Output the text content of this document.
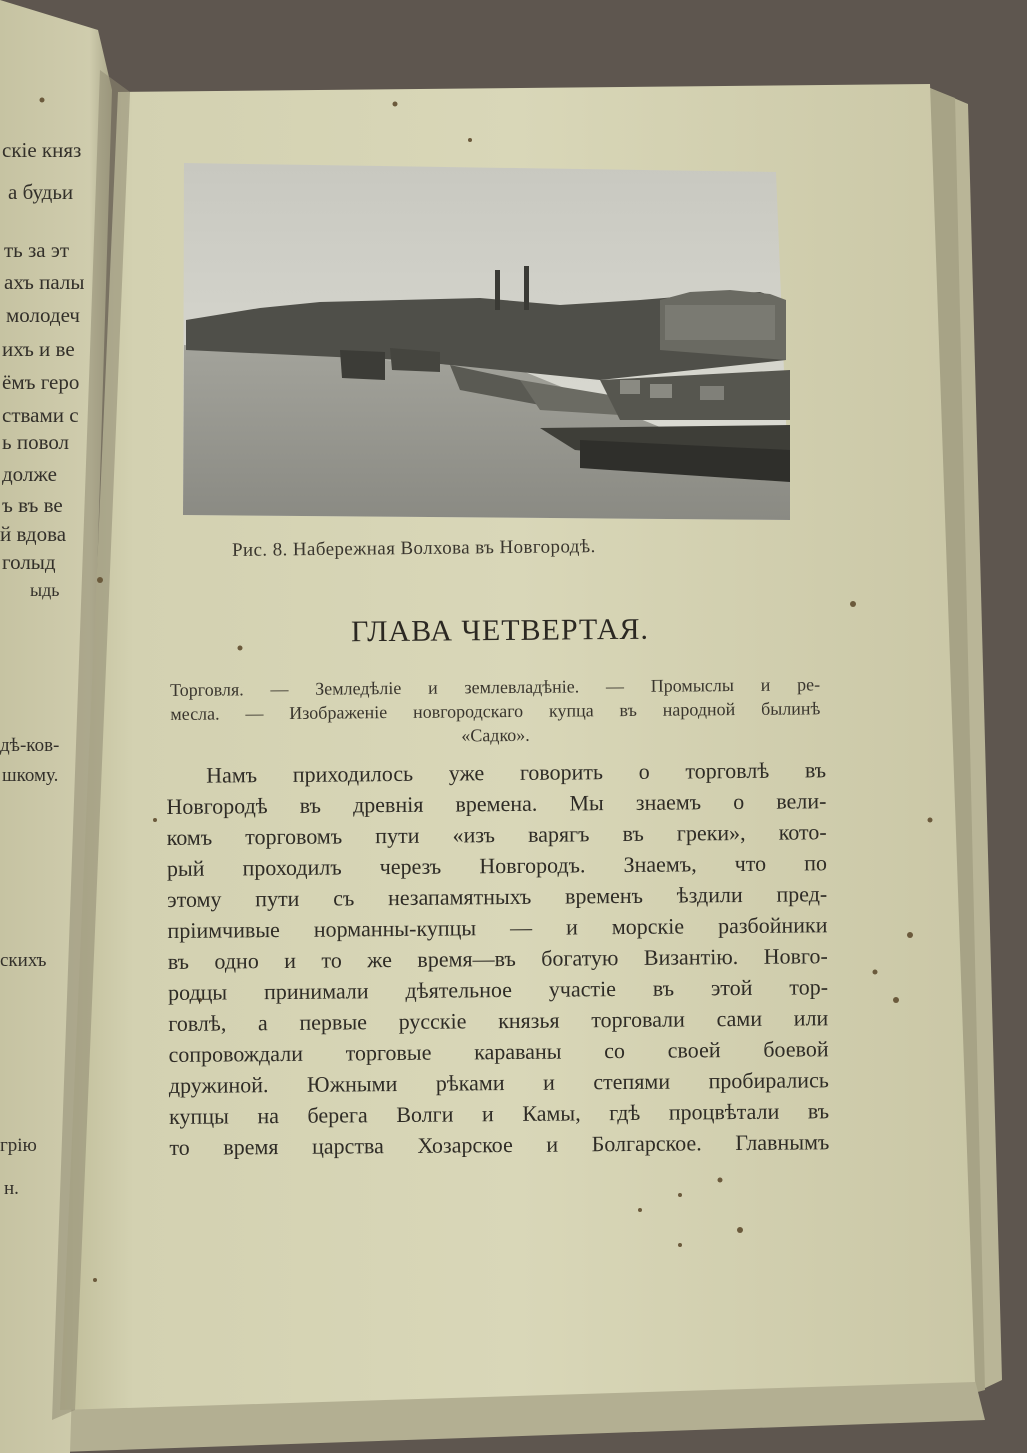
Рис. 8. Набережная Волхова въ Новгородѣ.
ГЛАВА ЧЕТВЕРТАЯ.
Торговля. — Земледѣліе и землевладѣніе. — Промыслы и ре-
месла. — Изображеніе новгородскаго купца въ народной былинѣ
«Садко».
Намъ приходилось уже говорить о торговлѣ въ
Новгородѣ въ древнія времена. Мы знаемъ о вели-
комъ торговомъ пути «изъ варягъ въ греки», кото-
рый проходилъ черезъ Новгородъ. Знаемъ, что по
этому пути съ незапамятныхъ временъ ѣздили пред-
пріимчивые норманны-купцы — и морскіе разбойники
въ одно и то же время—въ богатую Византію. Новго-
родцы принимали дѣятельное участіе въ этой тор-
говлѣ, а первые русскіе князья торговали сами или
сопровождали торговые караваны со своей боевой
дружиной. Южными рѣками и степями пробирались
купцы на берега Волги и Камы, гдѣ процвѣтали въ
то время царства Хозарское и Болгарское. Главнымъ
скіе княз
а будьи
ть за эт
ахъ палы
молодеч
ихъ и ве
ёмъ геро
ствами с
ь повол
долже
ъ въ ве
й вдова
голыд
ыдь
дѣ-ков-
шкому.
скихъ
грію
н.
